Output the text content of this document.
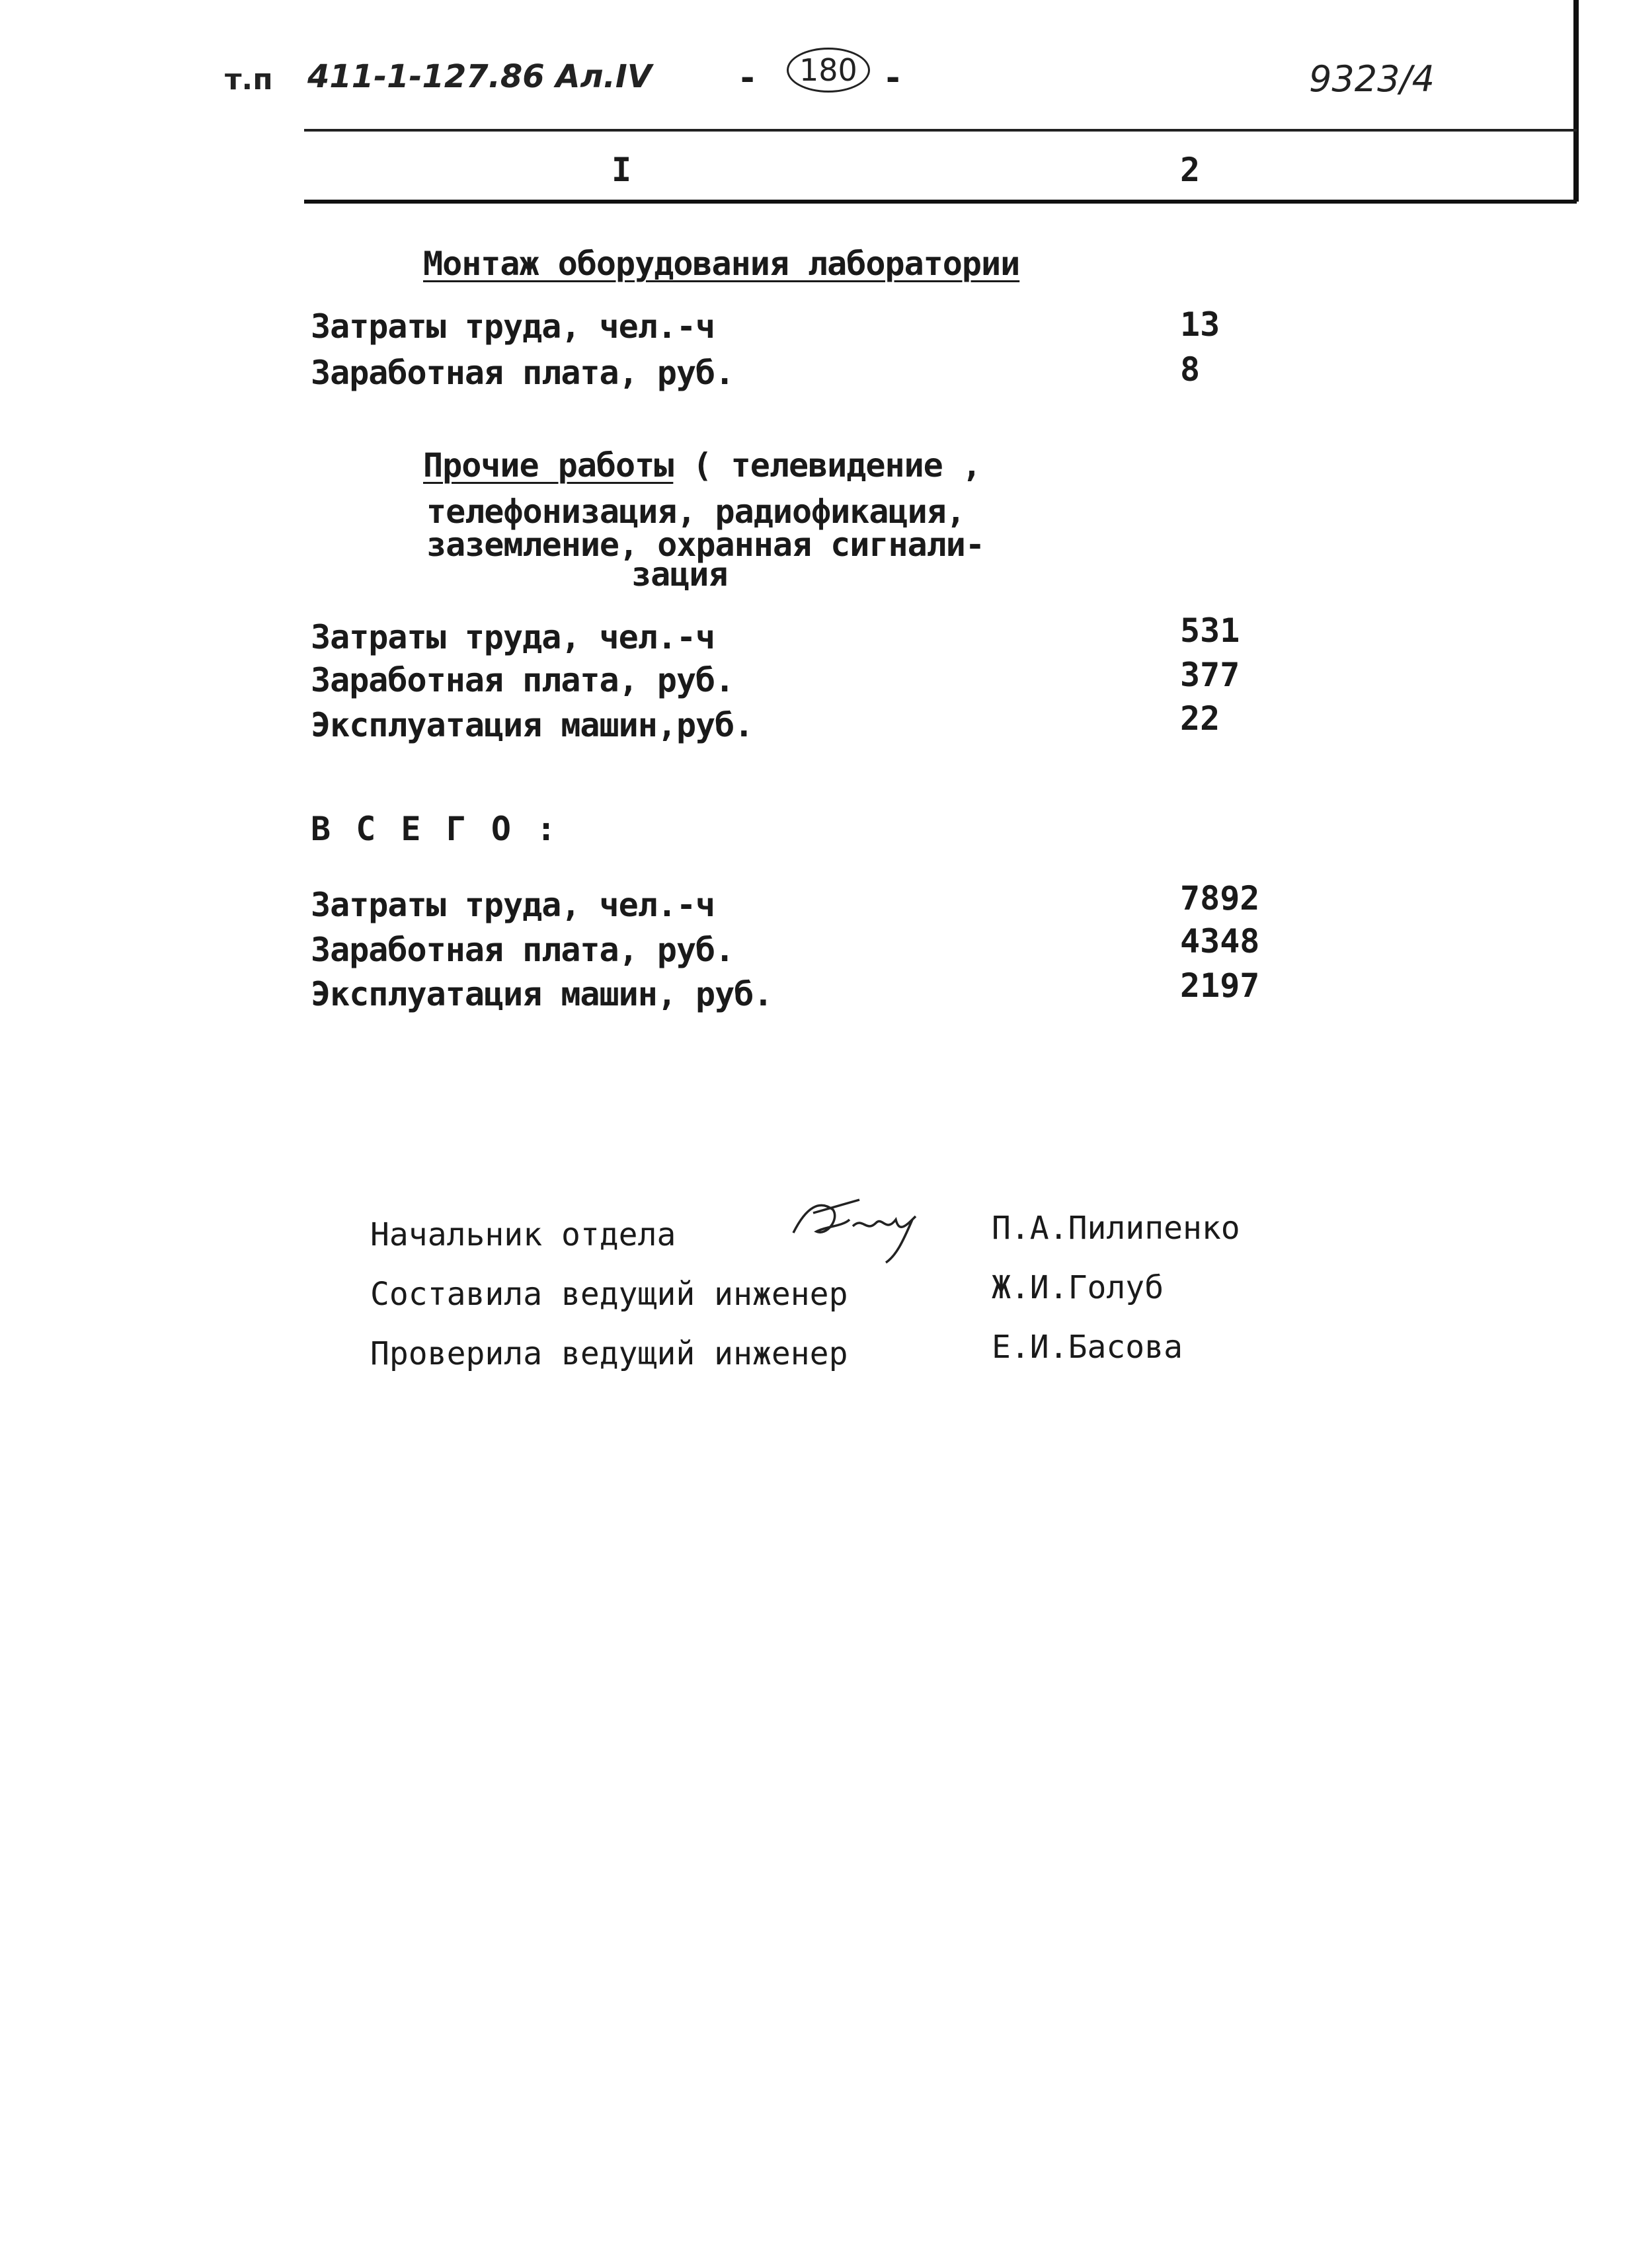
т.п 411-1-127.86 Ал.IV -	180 -	9323/4
I	2
Монтаж оборудования лаборатории
Затраты труда, чел.-ч	13
Заработная плата, руб.	8
Прочие работы ( телевидение ,
телефонизация, радиофикация,
заземление, охранная сигнали-
зация
Затраты труда, чел.-ч	531
Заработная плата, руб.	377
Эксплуатация машин,руб.	22
В С Е Г О :
Затраты труда, чел.-ч	7892
Заработная плата, руб.	4348
Эксплуатация машин, руб.	2197
Начальник отдела	П.А.Пилипенко
Составила ведущий инженер	Ж.И.Голуб
Проверила ведущий инженер	Е.И.Басова
